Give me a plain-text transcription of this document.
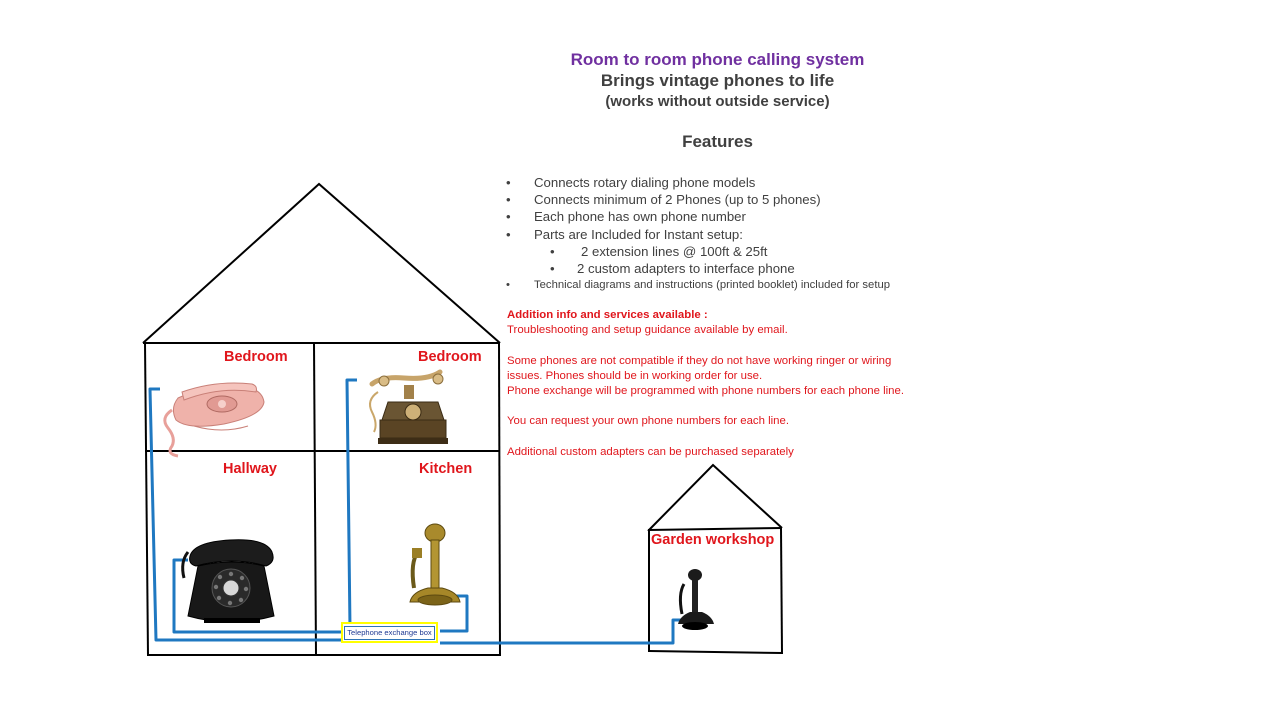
Room to room phone calling system
Brings vintage phones to life
(works without outside service)
Features
• Connects rotary dialing phone models
• Connects minimum of 2 Phones (up to 5 phones)
• Each phone has own phone number
• Parts are Included for Instant setup:
• 2 extension lines @ 100ft & 25ft
• 2 custom adapters to interface phone
• Technical diagrams and instructions (printed booklet) included for setup
Addition info and services available :
Troubleshooting and setup guidance available by email.
Some phones are not compatible if they do not have working ringer or wiring
issues. Phones should be in working order for use.
Phone exchange will be programmed with phone numbers for each phone line.
You can request your own phone numbers for each line.
Additional custom adapters can be purchased separately
Bedroom	Bedroom
Hallway	Kitchen
Garden workshop
Telephone exchange box
